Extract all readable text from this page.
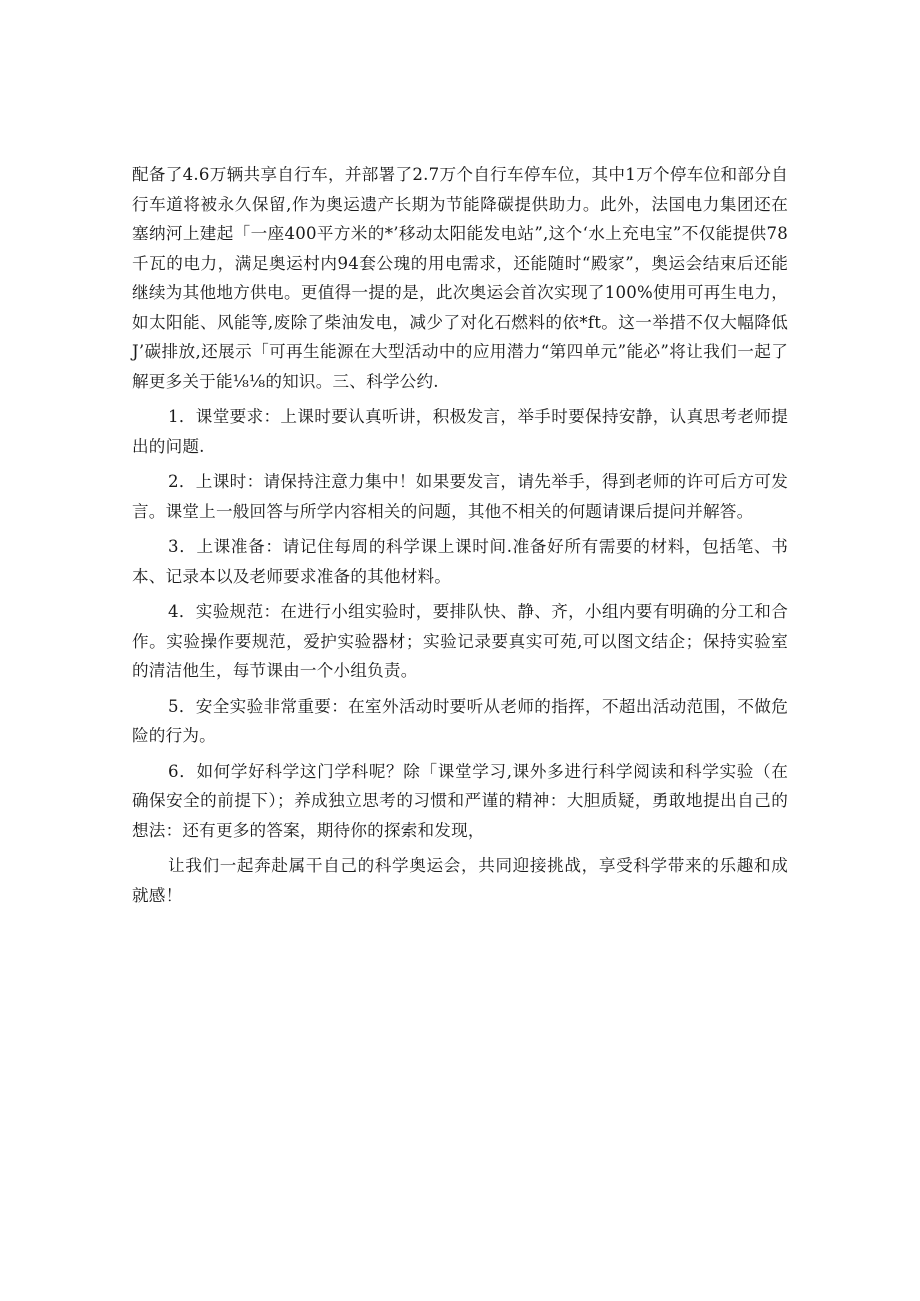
配备了4.6万辆共享自行车，并部署了2.7万个自行车停车位，其中1万个停车位和部分自行车道将被永久保留,作为奥运遗产长期为节能降碳提供助力。此外，法国电力集团还在塞纳河上建起「一座400平方米的*’移动太阳能发电站”,这个‘水上充电宝”不仅能提供78千瓦的电力，满足奥运村内94套公瑰的用电需求，还能随时“殿家”，奥运会结束后还能继续为其他地方供电。更值得一提的是，此次奥运会首次实现了100%使用可再生电力，如太阳能、风能等,废除了柴油发电，减少了对化石燃料的依*ft。这一举措不仅大幅降低J’碳排放,还展示「可再生能源在大型活动中的应用潜力“第四单元”能必”将让我们一起了解更多关于能⅛⅛的知识。三、科学公约.

1．课堂要求：上课时要认真听讲，积极发言，举手时要保持安静，认真思考老师提出的问题.

2．上课时：请保持注意力集中！如果要发言，请先举手，得到老师的许可后方可发言。课堂上一般回答与所学内容相关的问题，其他不相关的何题请课后提问并解答。

3．上课准备：请记住每周的科学课上课时间.准备好所有需要的材料，包括笔、书本、记录本以及老师要求准备的其他材料。

4．实验规范：在进行小组实验时，要排队快、静、齐，小组内要有明确的分工和合作。实验操作要规范，爱护实验器材；实验记录要真实可苑,可以图文结企；保持实验室的清洁他生，每节课由一个小组负责。

5．安全实验非常重要：在室外活动时要听从老师的指挥，不超出活动范围，不做危险的行为。

6．如何学好科学这门学科呢？除「课堂学习,课外多进行科学阅读和科学实验（在确保安全的前提下）；养成独立思考的习惯和严谨的精神：大胆质疑，勇敢地提出自己的想法：还有更多的答案，期待你的探索和发现，

让我们一起奔赴属干自己的科学奥运会，共同迎接挑战，享受科学带来的乐趣和成就感！
